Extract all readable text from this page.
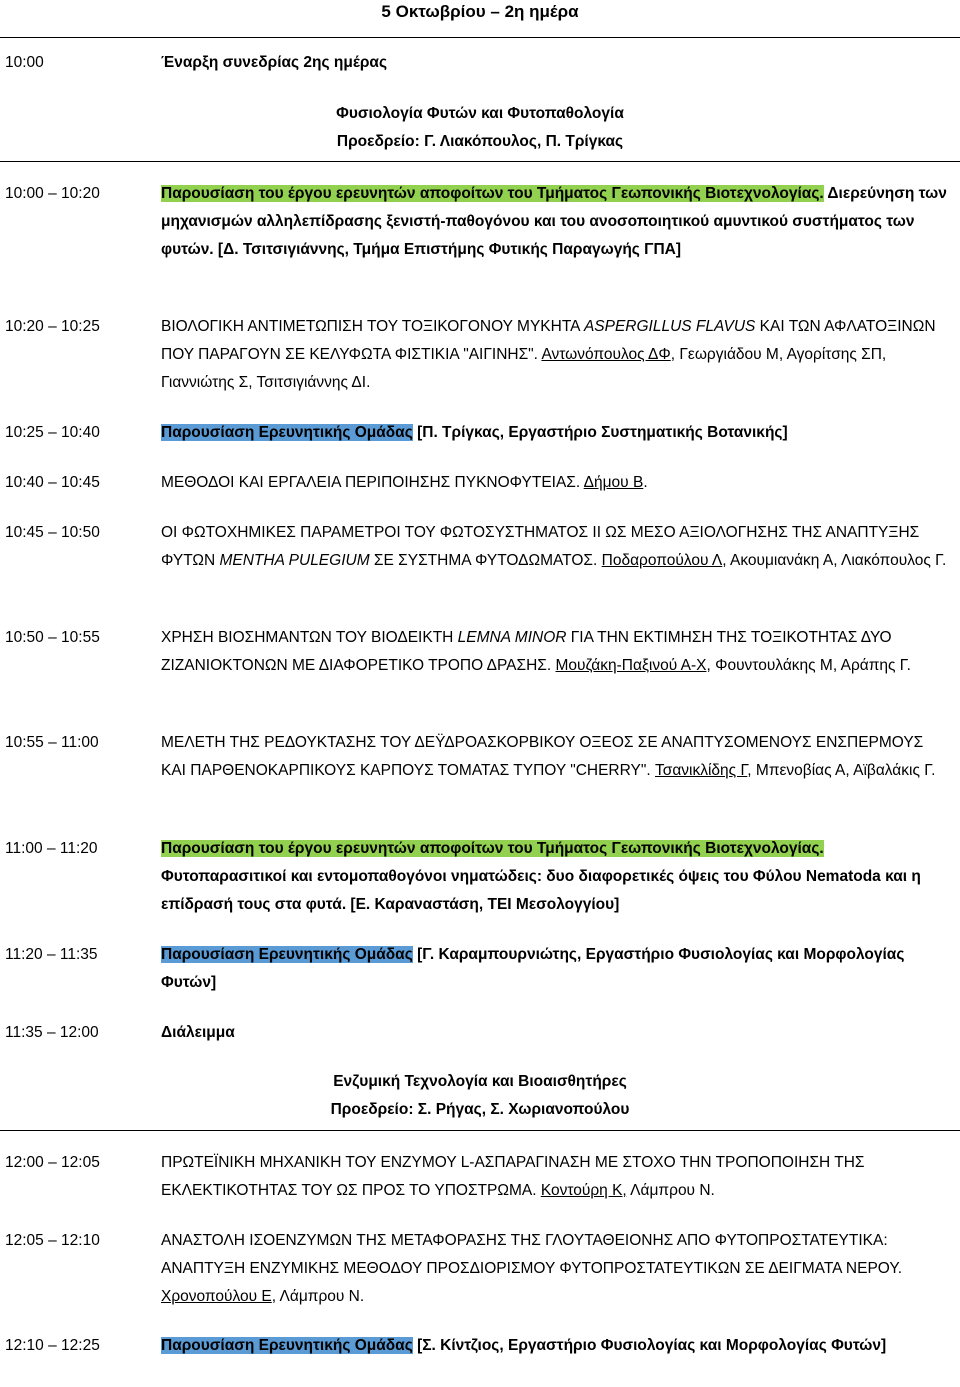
5 Οκτωβρίου – 2η ημέρα
10:00	Έναρξη συνεδρίας 2ης ημέρας
Φυσιολογία Φυτών και Φυτοπαθολογία
Προεδρείο: Γ. Λιακόπουλος, Π. Τρίγκας
10:00 – 10:20	Παρουσίαση του έργου ερευνητών αποφοίτων του Τμήματος Γεωπονικής Βιοτεχνολογίας. Διερεύνηση των μηχανισμών αλληλεπίδρασης ξενιστή-παθογόνου και του ανοσοποιητικού αμυντικού συστήματος των φυτών. [Δ. Τσιτσιγιάννης, Τμήμα Επιστήμης Φυτικής Παραγωγής ΓΠΑ]
10:20 – 10:25	ΒΙΟΛΟΓΙΚΗ ΑΝΤΙΜΕΤΩΠΙΣΗ ΤΟΥ ΤΟΞΙΚΟΓΟΝΟΥ ΜΥΚΗΤΑ ASPERGILLUS FLAVUS ΚΑΙ ΤΩΝ ΑΦΛΑΤΟΞΙΝΩΝ ΠΟΥ ΠΑΡΑΓΟΥΝ ΣΕ ΚΕΛΥΦΩΤΑ ΦΙΣΤΙΚΙΑ "ΑΙΓΙΝΗΣ". Αντωνόπουλος ΔΦ, Γεωργιάδου Μ, Αγορίτσης ΣΠ, Γιαννιώτης Σ, Τσιτσιγιάννης ΔΙ.
10:25 – 10:40	Παρουσίαση Ερευνητικής Ομάδας [Π. Τρίγκας, Εργαστήριο Συστηματικής Βοτανικής]
10:40 – 10:45	ΜΕΘΟΔΟΙ ΚΑΙ ΕΡΓΑΛΕΙΑ ΠΕΡΙΠΟΙΗΣΗΣ ΠΥΚΝΟΦΥΤΕΙΑΣ. Δήμου Β.
10:45 – 10:50	ΟΙ ΦΩΤΟΧΗΜΙΚΕΣ ΠΑΡΑΜΕΤΡΟΙ ΤΟΥ ΦΩΤΟΣΥΣΤΗΜΑΤΟΣ ΙΙ ΩΣ ΜΕΣΟ ΑΞΙΟΛΟΓΗΣΗΣ ΤΗΣ ΑΝΑΠΤΥΞΗΣ ΦΥΤΩΝ MENTHA PULEGIUM ΣΕ ΣΥΣΤΗΜΑ ΦΥΤΟΔΩΜΑΤΟΣ. Ποδαροπούλου Λ, Ακουμιανάκη Α, Λιακόπουλος Γ.
10:50 – 10:55	ΧΡΗΣΗ ΒΙΟΣΗΜΑΝΤΩΝ ΤΟΥ ΒΙΟΔΕΙΚΤΗ LEMNA MINOR ΓΙΑ ΤΗΝ ΕΚΤΙΜΗΣΗ ΤΗΣ ΤΟΞΙΚΟΤΗΤΑΣ ΔΥΟ ΖΙΖΑΝΙΟΚΤΟΝΩΝ ΜΕ ΔΙΑΦΟΡΕΤΙΚΟ ΤΡΟΠΟ ΔΡΑΣΗΣ. Μουζάκη-Παξινού Α-Χ, Φουντουλάκης Μ, Αράπης Γ.
10:55 – 11:00	ΜΕΛΕΤΗ ΤΗΣ ΡΕΔΟΥΚΤΑΣΗΣ ΤΟΥ ΔΕΫΔΡΟΑΣΚΟΡΒΙΚΟΥ ΟΞΕΟΣ ΣΕ ΑΝΑΠΤΥΣΟΜΕΝΟΥΣ ΕΝΣΠΕΡΜΟΥΣ ΚΑΙ ΠΑΡΘΕΝΟΚΑΡΠΙΚΟΥΣ ΚΑΡΠΟΥΣ ΤΟΜΑΤΑΣ ΤΥΠΟΥ "CHERRY". Τσανικλίδης Γ, Μπενοβίας Α, Αϊβαλάκις Γ.
11:00 – 11:20	Παρουσίαση του έργου ερευνητών αποφοίτων του Τμήματος Γεωπονικής Βιοτεχνολογίας. Φυτοπαρασιτικοί και εντομοπαθογόνοι νηματώδεις: δυο διαφορετικές όψεις του Φύλου Nematoda και η επίδρασή τους στα φυτά. [Ε. Καραναστάση, ΤΕΙ Μεσολογγίου]
11:20 – 11:35	Παρουσίαση Ερευνητικής Ομάδας [Γ. Καραμπουρνιώτης, Εργαστήριο Φυσιολογίας και Μορφολογίας Φυτών]
11:35 – 12:00	Διάλειμμα
Ενζυμική Τεχνολογία και Βιοαισθητήρες
Προεδρείο: Σ. Ρήγας, Σ. Χωριανοπούλου
12:00 – 12:05	ΠΡΩΤΕΪΝΙΚΗ ΜΗΧΑΝΙΚΗ ΤΟΥ ΕΝΖΥΜΟΥ L-ΑΣΠΑΡΑΓΙΝΑΣΗ ΜΕ ΣΤΟΧΟ ΤΗΝ ΤΡΟΠΟΠΟΙΗΣΗ ΤΗΣ ΕΚΛΕΚΤΙΚΟΤΗΤΑΣ ΤΟΥ ΩΣ ΠΡΟΣ ΤΟ ΥΠΟΣΤΡΩΜΑ. Κοντούρη Κ, Λάμπρου Ν.
12:05 – 12:10	ΑΝΑΣΤΟΛΗ ΙΣΟΕΝΖΥΜΩΝ ΤΗΣ ΜΕΤΑΦΟΡΑΣΗΣ ΤΗΣ ΓΛΟΥΤΑΘΕΙΟΝΗΣ ΑΠΟ ΦΥΤΟΠΡΟΣΤΑΤΕΥΤΙΚΑ: ΑΝΑΠΤΥΞΗ ΕΝΖΥΜΙΚΗΣ ΜΕΘΟΔΟΥ ΠΡΟΣΔΙΟΡΙΣΜΟΥ ΦΥΤΟΠΡΟΣΤΑΤΕΥΤΙΚΩΝ ΣΕ ΔΕΙΓΜΑΤΑ ΝΕΡΟΥ. Χρονοπούλου Ε, Λάμπρου Ν.
12:10 – 12:25	Παρουσίαση Ερευνητικής Ομάδας [Σ. Κίντζιος, Εργαστήριο Φυσιολογίας και Μορφολογίας Φυτών]
